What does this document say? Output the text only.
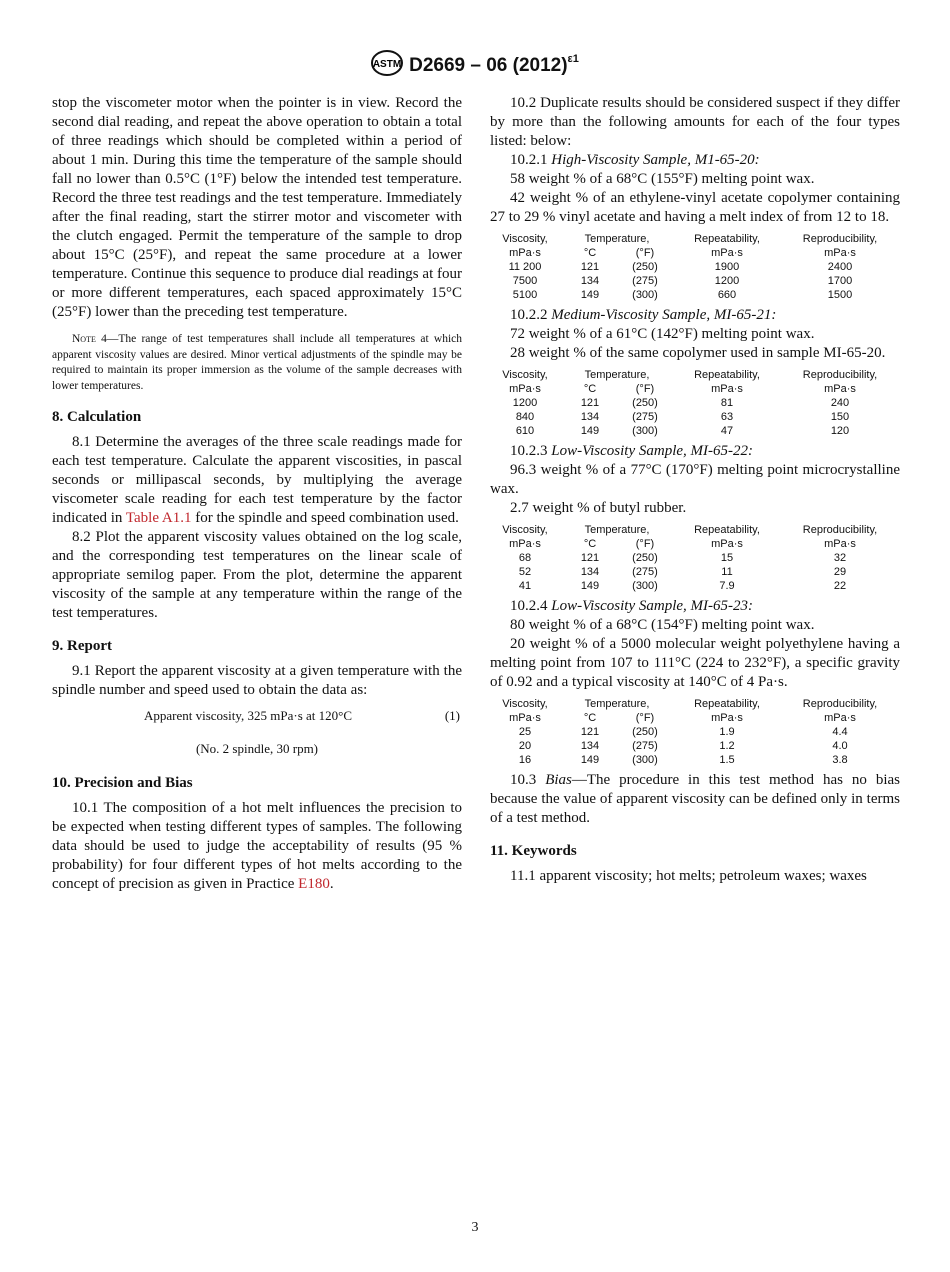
ASTM D2669 – 06 $(2012)^{\varepsilon 1}$

stop the viscometer motor when the pointer is in view. Record the second dial reading, and repeat the above operation to obtain a total of three readings which should be completed within a period of about 1 min. During this time the temperature of the sample should fall no lower than 0.5°C (1°F) below the intended test temperature. Record the three test readings and the test temperature. Immediately after the final reading, start the stirrer motor and viscometer with the clutch engaged. Permit the temperature of the sample to drop about 15°C (25°F), and repeat the same procedure at a lower temperature. Continue this sequence to produce dial readings at four or more different temperatures, each spaced approximately 15°C (25°F) lower than the preceding test temperature.

Note 4—The range of test temperatures shall include all temperatures at which apparent viscosity values are desired. Minor vertical adjustments of the spindle may be required to maintain its proper immersion as the volume of the sample decreases with lower temperatures.

8. Calculation

8.1 Determine the averages of the three scale readings made for each test temperature. Calculate the apparent viscosities, in pascal seconds or millipascal seconds, by multiplying the average viscometer scale reading for each test temperature by the factor indicated in Table A1.1 for the spindle and speed combination used.

8.2 Plot the apparent viscosity values obtained on the log scale, and the corresponding test temperatures on the linear scale of appropriate semilog paper. From the plot, determine the apparent viscosity of the sample at any temperature within the range of the test temperatures.

9. Report

9.1 Report the apparent viscosity at a given temperature with the spindle number and speed used to obtain the data as:

Apparent viscosity, 325 mPa·s at 120°C	(1)
(No. 2 spindle, 30 rpm)
10. Precision and Bias

10.1 The composition of a hot melt influences the precision to be expected when testing different types of samples. The following data should be used to judge the acceptability of results (95 % probability) for four different types of hot melts according to the concept of precision as given in Practice E180.

10.2 Duplicate results should be considered suspect if they differ by more than the following amounts for each of the four types listed: below:

10.2.1 High-Viscosity Sample, M1-65-20:

58 weight % of a 68°C (155°F) melting point wax.

42 weight % of an ethylene-vinyl acetate copolymer containing 27 to 29 % vinyl acetate and having a melt index of from 12 to 18.

Viscosity,	Temperature,	Repeatability,	Reproducibility,
mPa·s	°C	(°F)	mPa·s	mPa·s
11 200	121	(250)	1900	2400
7500	134	(275)	1200	1700
5100	149	(300)	660	1500

10.2.2 Medium-Viscosity Sample, MI-65-21:

72 weight % of a 61°C (142°F) melting point wax.

28 weight % of the same copolymer used in sample MI-65-20.

Viscosity,	Temperature,	Repeatability,	Reproducibility,
mPa·s	°C	(°F)	mPa·s	mPa·s
1200	121	(250)	81	240
840	134	(275)	63	150
610	149	(300)	47	120

10.2.3 Low-Viscosity Sample, MI-65-22:

96.3 weight % of a 77°C (170°F) melting point microcrystalline wax.

2.7 weight % of butyl rubber.

Viscosity,	Temperature,	Repeatability,	Reproducibility,
mPa·s	°C	(°F)	mPa·s	mPa·s
68	121	(250)	15	32
52	134	(275)	11	29
41	149	(300)	7.9	22

10.2.4 Low-Viscosity Sample, MI-65-23:

80 weight % of a 68°C (154°F) melting point wax.

20 weight % of a 5000 molecular weight polyethylene having a melting point from 107 to 111°C (224 to 232°F), a specific gravity of 0.92 and a typical viscosity at 140°C of 4 Pa·s.

Viscosity,	Temperature,	Repeatability,	Reproducibility,
mPa·s	°C	(°F)	mPa·s	mPa·s
25	121	(250)	1.9	4.4
20	134	(275)	1.2	4.0
16	149	(300)	1.5	3.8

10.3 Bias—The procedure in this test method has no bias because the value of apparent viscosity can be defined only in terms of a test method.

11. Keywords

11.1 apparent viscosity; hot melts; petroleum waxes; waxes

3
